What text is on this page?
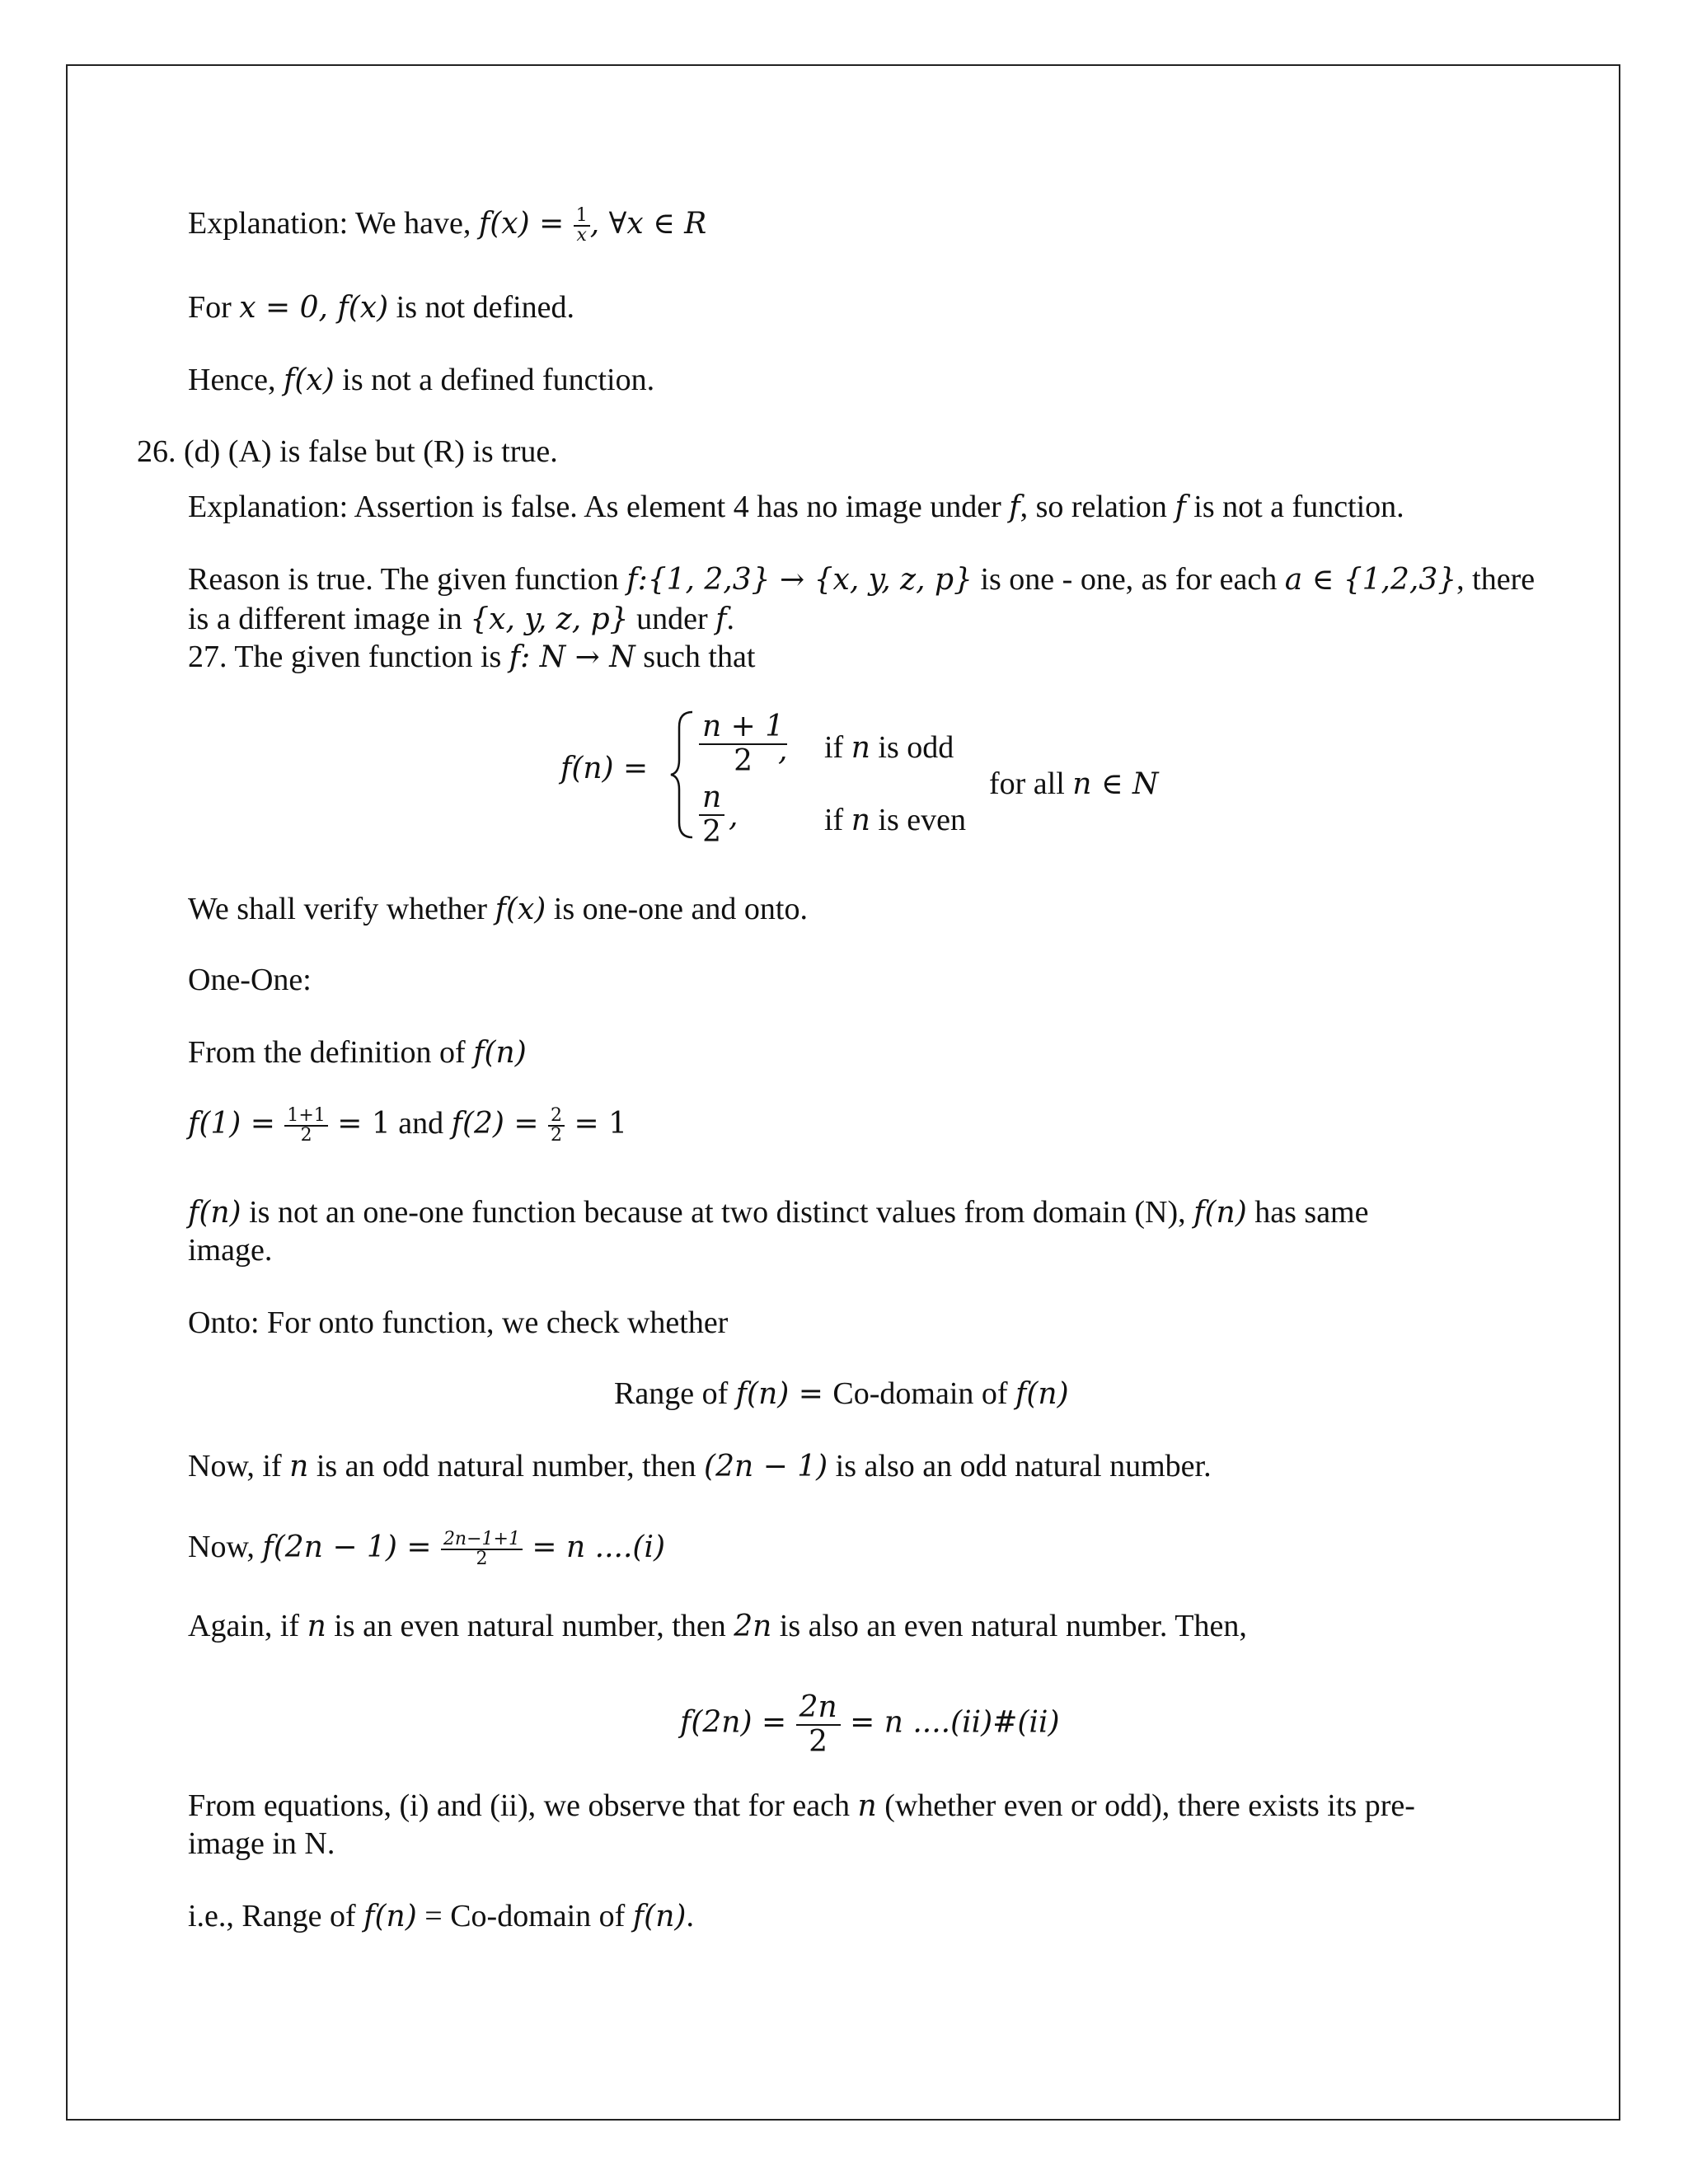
Explanation: We have, $f(x) = \frac{1}{x}$ , ∀x ∈ R
For x = 0, f(x) is not defined.
Hence, f(x) is not a defined function.
26. (d) (A) is false but (R) is true.
Explanation: Assertion is false. As element 4 has no image under f, so relation f is not a function.
Reason is true. The given function f:{1, 2,3} → {x, y, z, p} is one - one, as for each a ∈ {1,2,3}, there
is a different image in {x, y, z, p} under f.
27. The given function is f: N → N such that
$f(n) = \frac{n + 1}{2}$
, if n is odd
$\frac{n}{2}$ ,	if n is even
for all n ∈ N
We shall verify whether f(x) is one-one and onto.
One-One:
From the definition of f(n)
$f(1) = \frac{1+1}{2} = 1$ and $f(2) = \frac{2}{2} = 1$
f(n) is not an one-one function because at two distinct values from domain (N), f(n) has same
image.
Onto: For onto function, we check whether
Range of f(n) = Co-domain of f(n)
Now, if n is an odd natural number, then (2n − 1) is also an odd natural number.
Now, $f(2n - 1) = \frac{2n-1+1}{2} = n$ ....(i)
Again, if n is an even natural number, then 2n is also an even natural number. Then,
$f(2n) = \frac{2n}{2} = n$ ....(ii)#(ii)
From equations, (i) and (ii), we observe that for each n (whether even or odd), there exists its pre-
image in N.
i.e., Range of f(n) = Co-domain of f(n).
